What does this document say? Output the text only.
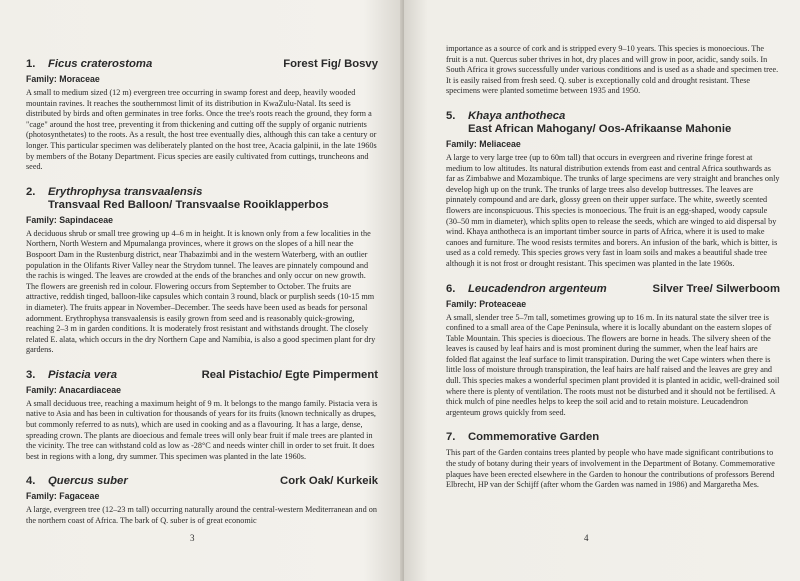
1. Ficus craterostoma	Forest Fig/ Bosvy
Family: Moraceae
A small to medium sized (12 m) evergreen tree occurring in swamp forest and deep, heavily wooded mountain ravines. It reaches the southernmost limit of its distribution in KwaZulu-Natal. Its seed is distributed by birds and often germinates in tree forks. Once the tree's roots reach the ground, they form a "cage" around the host tree, preventing it from thickening and cutting off the supply of organic nutrients (photosynthetates) to the roots. As a result, the host tree eventually dies, although this can take a century or longer. This particular specimen was deliberately planted on the host tree, Acacia galpinii, in the late 1960s by members of the Botany Department. Ficus species are easily cultivated from cuttings, truncheons and seed.
2. Erythrophysa transvaalensis
Transvaal Red Balloon/ Transvaalse Rooiklapperbos
Family: Sapindaceae
A deciduous shrub or small tree growing up 4–6 m in height. It is known only from a few localities in the Northern, North Western and Mpumalanga provinces, where it grows on the slopes of a hill near the Bospoort Dam in the Rustenburg district, near Thabazimbi and in the western Waterberg, with an outlier population in the Olifants River Valley near the Strydom tunnel. The leaves are pinnately compound and the rachis is winged. The leaves are crowded at the ends of the branches and only occur on new growth. The flowers are greenish red in colour. Flowering occurs from September to October. The fruits are attractive, reddish tinged, balloon-like capsules which contain 3 round, black or purplish seeds (10-15 mm in diameter). The fruits appear in November–December. The seeds have been used as beads for personal adornment. Erythrophysa transvaalensis is easily grown from seed and is reasonably quick-growing, reaching 2–3 m in garden conditions. It is moderately frost resistant and withstands drought. The closely related E. alata, which occurs in the dry Northern Cape and Namibia, is also a good specimen plant for dry gardens.
3. Pistacia vera	Real Pistachio/ Egte Pimperment
Family: Anacardiaceae
A small deciduous tree, reaching a maximum height of 9 m. It belongs to the mango family. Pistacia vera is native to Asia and has been in cultivation for thousands of years for its fruits (known technically as drupes, but commonly referred to as nuts), which are used in cooking and as a flavouring. It has a large, dense, spreading crown. The plants are dioecious and female trees will only bear fruit if male trees are planted in the vicinity. The tree can withstand cold as low as -28°C and needs winter chill in order to set fruit. It does best in regions with a long, dry summer. This specimen was planted in the late 1960s.
4. Quercus suber	Cork Oak/ Kurkeik
Family: Fagaceae
A large, evergreen tree (12–23 m tall) occurring naturally around the central-western Mediterranean and on the northern coast of Africa. The bark of Q. suber is of great economic
3
importance as a source of cork and is stripped every 9–10 years. This species is monoecious. The fruit is a nut. Quercus suber thrives in hot, dry places and will grow in poor, acidic, sandy soils. In South Africa it grows successfully under various conditions and is used as a shade and specimen tree. It is easily raised from fresh seed. Q. suber is exceptionally cold and drought resistant. These specimens were planted sometime between 1935 and 1950.
5. Khaya anthotheca
East African Mahogany/ Oos-Afrikaanse Mahonie
Family: Meliaceae
A large to very large tree (up to 60m tall) that occurs in evergreen and riverine fringe forest at medium to low altitudes. Its natural distribution extends from east and central Africa southwards as far as Zimbabwe and Mozambique. The trunks of large specimens are very straight and branches only develop high up on the trunk. The trunks of large trees also develop buttresses. The leaves are pinnately compound and are dark, glossy green on their upper surface. The white, sweetly scented flowers are inconspicuous. This species is monoecious. The fruit is an egg-shaped, woody capsule (30–50 mm in diameter), which splits open to release the seeds, which are winged to aid dispersal by wind. Khaya anthotheca is an important timber source in parts of Africa, where it is used to make canoes and furniture. The wood resists termites and borers. An infusion of the bark, which is bitter, is used as a cold remedy. This species grows very fast in loam soils and makes a beautiful shade tree although it is not frost or drought resistant. This specimen was planted in the late 1960s.
6. Leucadendron argenteum	Silver Tree/ Silwerboom
Family: Proteaceae
A small, slender tree 5–7m tall, sometimes growing up to 16 m. In its natural state the silver tree is confined to a small area of the Cape Peninsula, where it is locally abundant on the eastern slopes of Table Mountain. This species is dioecious. The flowers are borne in heads. The silvery sheen of the leaves is caused by leaf hairs and is most prominent during the summer, when the leaf hairs are folded flat against the leaf surface to limit transpiration. During the wet Cape winters when there is little loss of moisture through transpiration, the leaf hairs are half raised and the leaves are grey and dull. This species makes a wonderful specimen plant provided it is planted in acidic, well-drained soil where there is plenty of ventilation. The roots must not be disturbed and it should not be fertilised. A thick mulch of pine needles helps to keep the soil acid and to retain moisture. Leucadendron argenteum grows quickly from seed.
7. Commemorative Garden
This part of the Garden contains trees planted by people who have made significant contributions to the study of botany during their years of involvement in the Department of Botany. Commemorative plaques have been erected elsewhere in the Garden to honour the contributions of professors Berend Elbrecht, HP van der Schijff (after whom the Garden was named in 1986) and Margaretha Mes.
4
